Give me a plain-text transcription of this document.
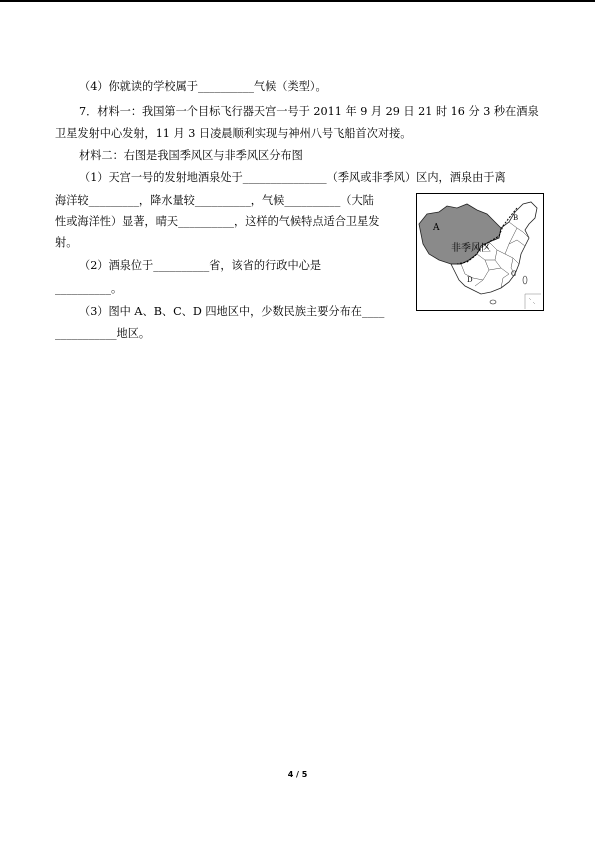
（4）你就读的学校属于__________气候（类型）。
7．材料一：我国第一个目标飞行器天宫一号于 2011 年 9 月 29 日 21 时 16 分 3 秒在酒泉
卫星发射中心发射，11 月 3 日凌晨顺利实现与神州八号飞船首次对接。
材料二：右图是我国季风区与非季风区分布图
（1）天宫一号的发射地酒泉处于_______________（季风或非季风）区内，酒泉由于离
海洋较_________，降水量较__________，气候__________（大陆
性或海洋性）显著，晴天__________，这样的气候特点适合卫星发
射。
（2）酒泉位于__________省，该省的行政中心是
__________。
（3）图中 A、B、C、D 四地区中，少数民族主要分布在____
___________地区。
A
非季风区
B
C
D
4 / 5
